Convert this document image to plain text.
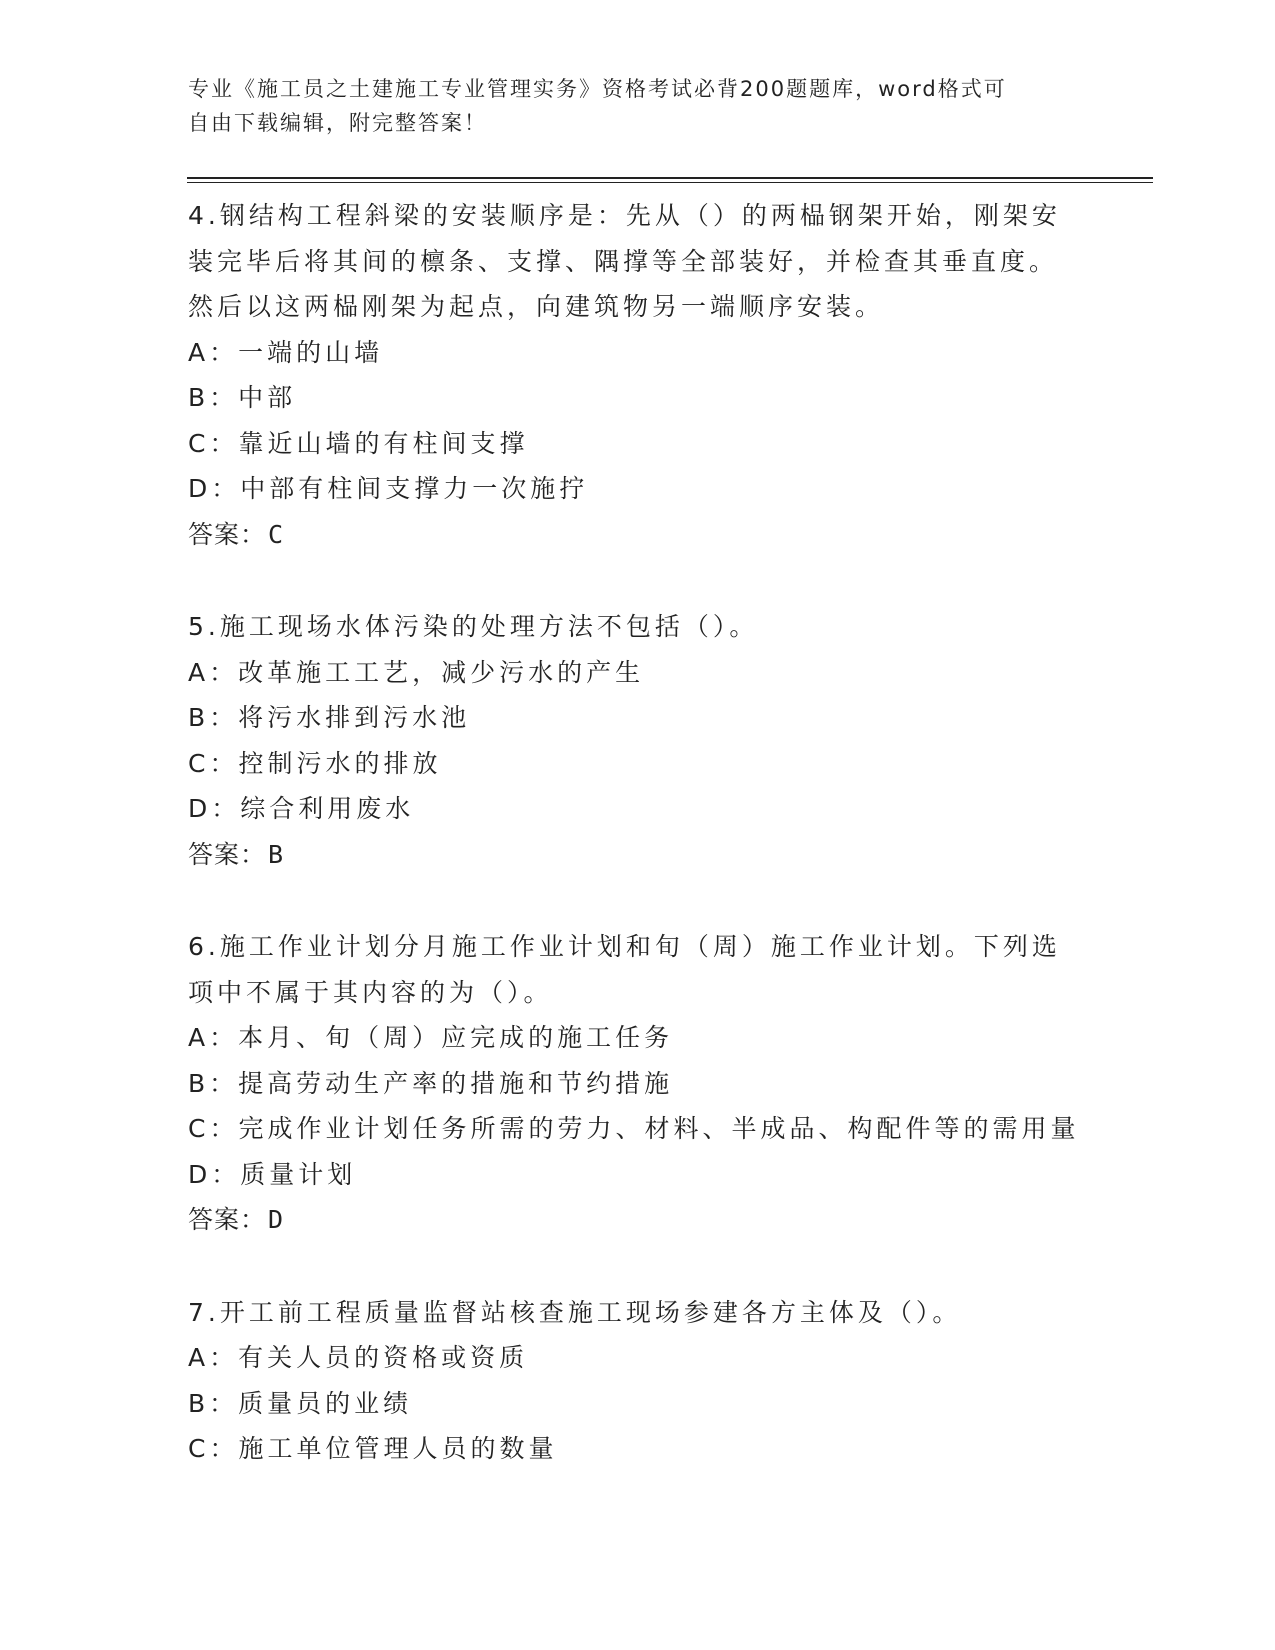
专业《施工员之土建施工专业管理实务》资格考试必背200题题库，word格式可
自由下载编辑，附完整答案！
4.钢结构工程斜梁的安装顺序是：先从（）的两榀钢架开始，刚架安
装完毕后将其间的檩条、支撑、隅撑等全部装好，并检查其垂直度。
然后以这两榀刚架为起点，向建筑物另一端顺序安装。
A：一端的山墙
B：中部
C：靠近山墙的有柱间支撑
D：中部有柱间支撑力一次施拧
答案：C
5.施工现场水体污染的处理方法不包括（）。
A：改革施工工艺，减少污水的产生
B：将污水排到污水池
C：控制污水的排放
D：综合利用废水
答案：B
6.施工作业计划分月施工作业计划和旬（周）施工作业计划。下列选
项中不属于其内容的为（）。
A：本月、旬（周）应完成的施工任务
B：提高劳动生产率的措施和节约措施
C：完成作业计划任务所需的劳力、材料、半成品、构配件等的需用量
D：质量计划
答案：D
7.开工前工程质量监督站核查施工现场参建各方主体及（）。
A：有关人员的资格或资质
B：质量员的业绩
C：施工单位管理人员的数量
